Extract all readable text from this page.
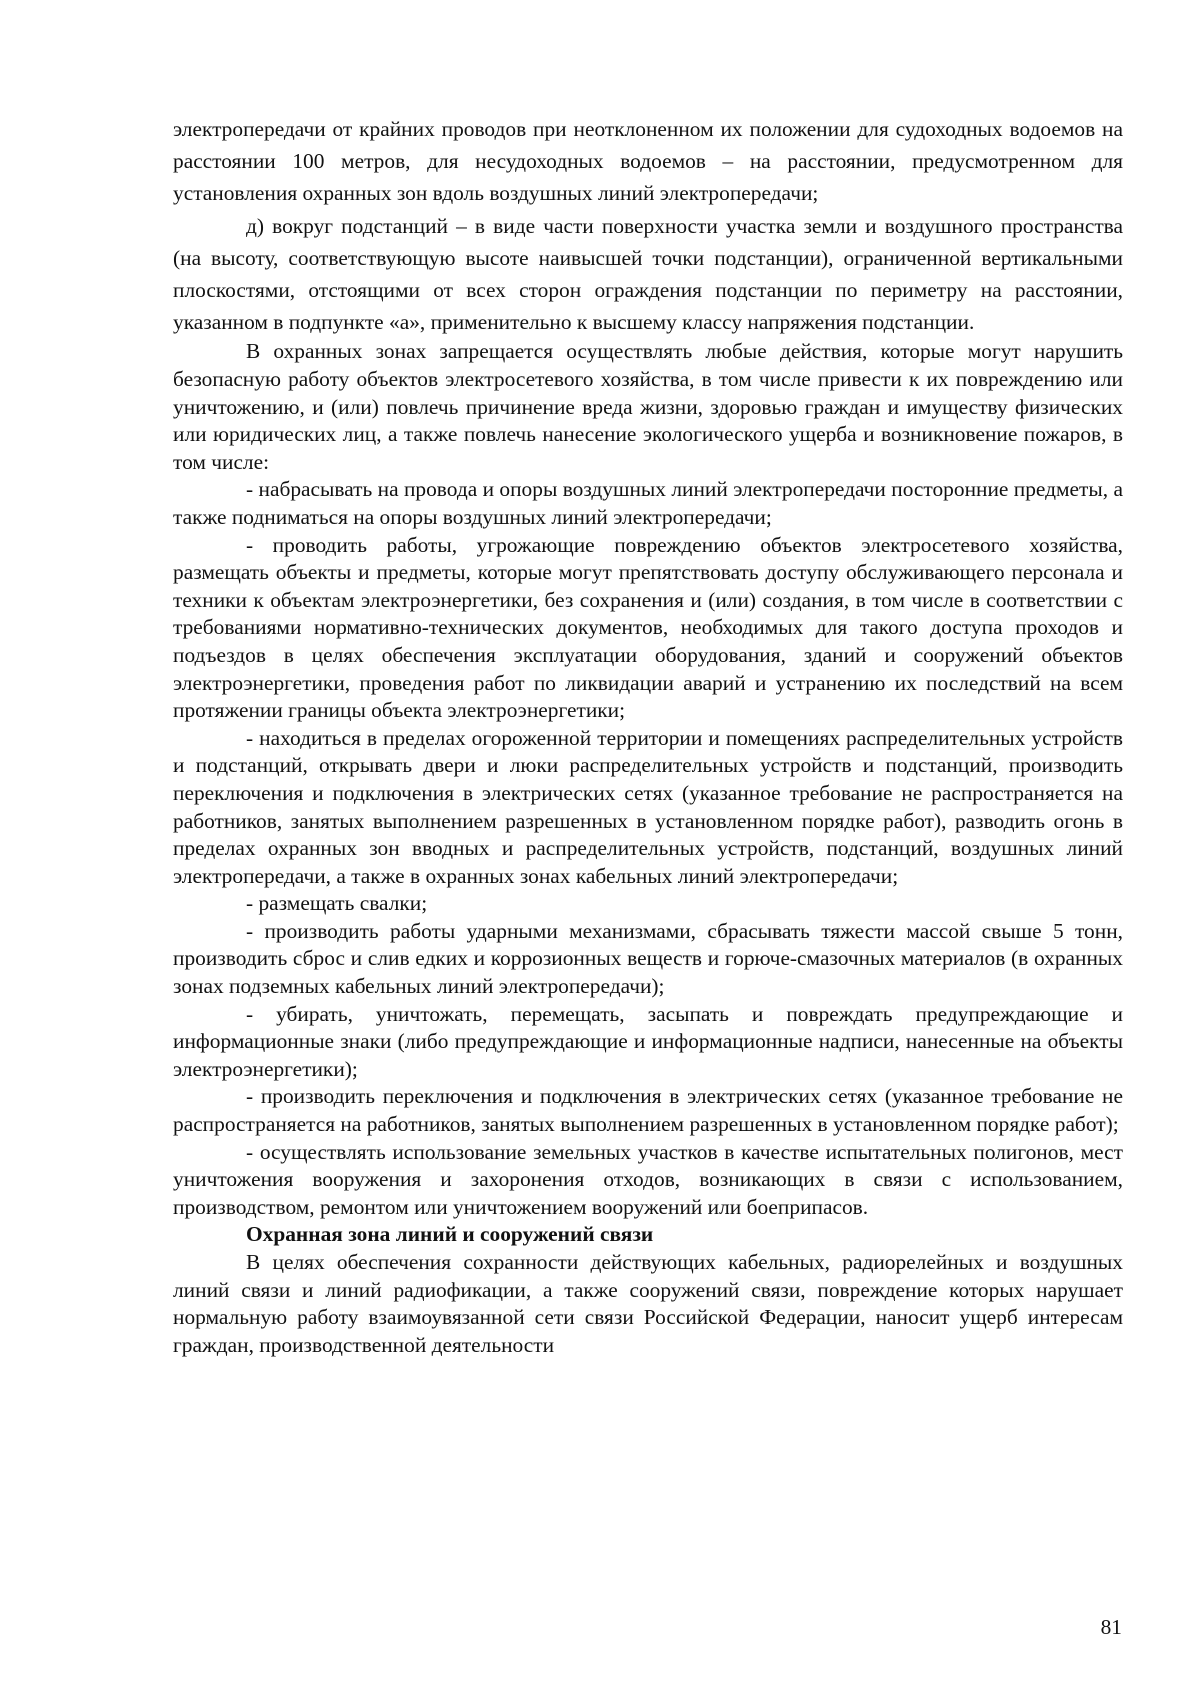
электропередачи от крайних проводов при неотклоненном их положении для судоходных водоемов на расстоянии 100 метров, для несудоходных водоемов – на расстоянии, предусмотренном для установления охранных зон вдоль воздушных линий электропередачи;

д) вокруг подстанций – в виде части поверхности участка земли и воздушного пространства (на высоту, соответствующую высоте наивысшей точки подстанции), ограниченной вертикальными плоскостями, отстоящими от всех сторон ограждения подстанции по периметру на расстоянии, указанном в подпункте «а», применительно к высшему классу напряжения подстанции.

В охранных зонах запрещается осуществлять любые действия, которые могут нарушить безопасную работу объектов электросетевого хозяйства, в том числе привести к их повреждению или уничтожению, и (или) повлечь причинение вреда жизни, здоровью граждан и имуществу физических или юридических лиц, а также повлечь нанесение экологического ущерба и возникновение пожаров, в том числе:

- набрасывать на провода и опоры воздушных линий электропередачи посторонние предметы, а также подниматься на опоры воздушных линий электропередачи;

- проводить работы, угрожающие повреждению объектов электросетевого хозяйства, размещать объекты и предметы, которые могут препятствовать доступу обслуживающего персонала и техники к объектам электроэнергетики, без сохранения и (или) создания, в том числе в соответствии с требованиями нормативно-технических документов, необходимых для такого доступа проходов и подъездов в целях обеспечения эксплуатации оборудования, зданий и сооружений объектов электроэнергетики, проведения работ по ликвидации аварий и устранению их последствий на всем протяжении границы объекта электроэнергетики;

- находиться в пределах огороженной территории и помещениях распределительных устройств и подстанций, открывать двери и люки распределительных устройств и подстанций, производить переключения и подключения в электрических сетях (указанное требование не распространяется на работников, занятых выполнением разрешенных в установленном порядке работ), разводить огонь в пределах охранных зон вводных и распределительных устройств, подстанций, воздушных линий электропередачи, а также в охранных зонах кабельных линий электропередачи;

- размещать свалки;

- производить работы ударными механизмами, сбрасывать тяжести массой свыше 5 тонн, производить сброс и слив едких и коррозионных веществ и горюче-смазочных материалов (в охранных зонах подземных кабельных линий электропередачи);

- убирать, уничтожать, перемещать, засыпать и повреждать предупреждающие и информационные знаки (либо предупреждающие и информационные надписи, нанесенные на объекты электроэнергетики);

- производить переключения и подключения в электрических сетях (указанное требование не распространяется на работников, занятых выполнением разрешенных в установленном порядке работ);

- осуществлять использование земельных участков в качестве испытательных полигонов, мест уничтожения вооружения и захоронения отходов, возникающих в связи с использованием, производством, ремонтом или уничтожением вооружений или боеприпасов.

Охранная зона линий и сооружений связи

В целях обеспечения сохранности действующих кабельных, радиорелейных и воздушных линий связи и линий радиофикации, а также сооружений связи, повреждение которых нарушает нормальную работу взаимоувязанной сети связи Российской Федерации, наносит ущерб интересам граждан, производственной деятельности

81
